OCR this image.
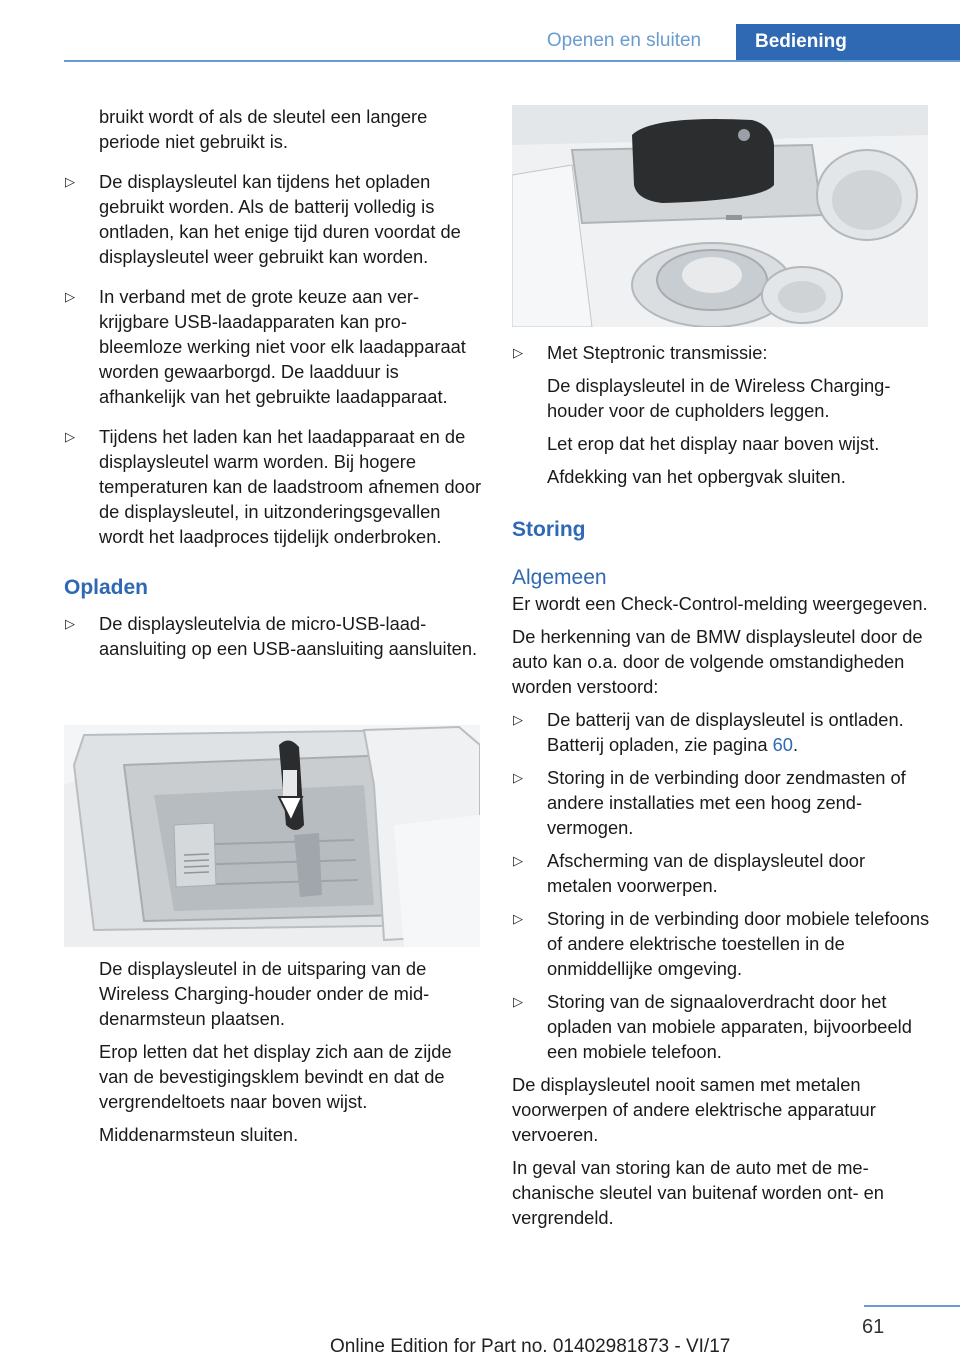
Openen en sluiten	Bediening

bruikt wordt of als de sleutel een langere periode niet gebruikt is.

▷ De displaysleutel kan tijdens het opladen gebruikt worden. Als de batterij volledig is ontladen, kan het enige tijd duren voordat de displaysleutel weer gebruikt kan worden.
▷ In verband met de grote keuze aan verkrijgbare USB-laadapparaten kan probleemloze werking niet voor elk laadapparaat worden gewaarborgd. De laadduur is afhankelijk van het gebruikte laadapparaat.
▷ Tijdens het laden kan het laadapparaat en de displaysleutel warm worden. Bij hogere temperaturen kan de laadstroom afnemen door de displaysleutel, in uitzonderingsgevallen wordt het laadproces tijdelijk onderbroken.
Opladen
▷ De displaysleutelvia de micro-USB-laadaansluiting op een USB-aansluiting aansluiten.

De displaysleutel in de uitsparing van de Wireless Charging-houder onder de middenarmsteun plaatsen.

Erop letten dat het display zich aan de zijde van de bevestigingsklem bevindt en dat de vergrendeltoets naar boven wijst.

Middenarmsteun sluiten.

▷ Met Steptronic transmissie:

De displaysleutel in de Wireless Charging-houder voor de cupholders leggen.

Let erop dat het display naar boven wijst.

Afdekking van het opbergvak sluiten.

Storing
Algemeen

Er wordt een Check-Control-melding weergegeven.

De herkenning van de BMW displaysleutel door de auto kan o.a. door de volgende omstandigheden worden verstoord:

▷ De batterij van de displaysleutel is ontladen. Batterij opladen, zie pagina 60.
▷ Storing in de verbinding door zendmasten of andere installaties met een hoog zendvermogen.
▷ Afscherming van de displaysleutel door metalen voorwerpen.
▷ Storing in de verbinding door mobiele telefoons of andere elektrische toestellen in de onmiddellijke omgeving.
▷ Storing van de signaaloverdracht door het opladen van mobiele apparaten, bijvoorbeeld een mobiele telefoon.

De displaysleutel nooit samen met metalen voorwerpen of andere elektrische apparatuur vervoeren.

In geval van storing kan de auto met de mechanische sleutel van buitenaf worden ont- en vergrendeld.

61
Online Edition for Part no. 01402981873 - VI/17
